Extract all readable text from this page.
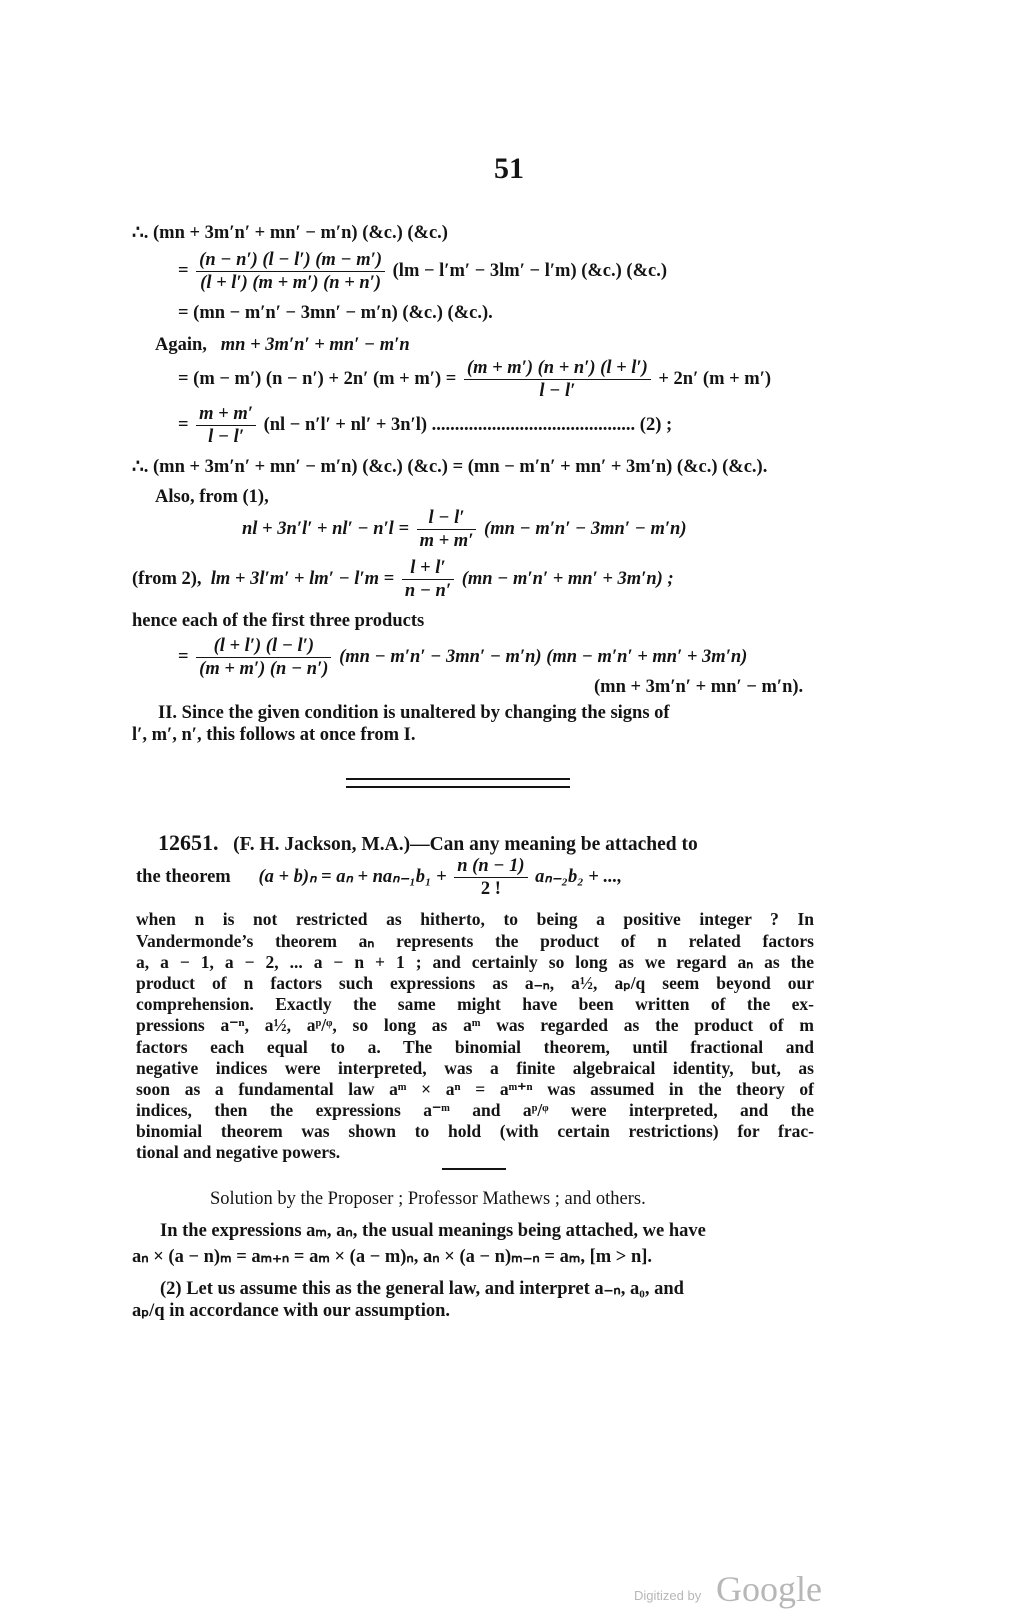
51
∴. (mn + 3m′n′ + mn′ − m′n) (&c.) (&c.)
= $\frac{(n - n') (l - l') (m - m')}{(l + l') (m + m') (n + n')} (lm - l'm' - 3lm' - l'm)$ (&c.) (&c.)
= (mn − m′n′ − 3mn′ − m′n) (&c.) (&c.).
Again, mn + 3m′n′ + mn′ − m′n
= (m − m′) (n − n′) + 2n′ $(m + m') = \frac{(m + m') (n + n') (l + l')}{l - l'} + 2n'$ (m + m′)
= $\frac{m + m'}{l - l'} (nl - n'l' + nl' + 3n'l)$ ............................................ (2) ;
∴. (mn + 3m′n′ + mn′ − m′n) (&c.) (&c.) = (mn − m′n′ + mn′ + 3m′n) (&c.) (&c.).
Also, from (1),
nl + $3n'l' + nl' - n'l = \frac{l - l'}{m + m'} (mn - m'n' - 3mn' - m'n)$
(from 2), lm + $3l'm' + lm' - l'm = \frac{l + l'}{n - n'} (mn - m'n' + mn' + 3m'n)$ ;
hence each of the first three products
= $\frac{(l + l') (l - l')}{(m + m') (n - n')} (mn - m'n' - 3mn' - m'n) (mn - m'n' + mn' + 3m'n)$
(mn + 3m′n′ + mn′ − m′n).
II. Since the given condition is unaltered by changing the signs of
l′, m′, n′, this follows at once from I.
12651. (F. H. Jackson, M.A.)—Can any meaning be attached to
the theorem $(a + b)_n = a_n + na_{n-1}b_1 + \frac{n (n - 1)}{2 !} a_{n-2}b_2$ + ...,
when n is not restricted as hitherto, to being a positive integer ? In
Vandermonde’s theorem aₙ represents the product of n related factors
a, a − 1, a − 2, ... a − n + 1 ; and certainly so long as we regard aₙ as the
product of n factors such expressions as a₋ₙ, a½, aₚ/q seem beyond our
comprehension. Exactly the same might have been written of the ex-
pressions a⁻ⁿ, a½, aᵖ/ᵠ, so long as aᵐ was regarded as the product of m
factors each equal to a. The binomial theorem, until fractional and
negative indices were interpreted, was a finite algebraical identity, but, as
soon as a fundamental law aᵐ × aⁿ = aᵐ⁺ⁿ was assumed in the theory of
indices, then the expressions a⁻ᵐ and aᵖ/ᵠ were interpreted, and the
binomial theorem was shown to hold (with certain restrictions) for frac-
tional and negative powers.
Solution by the Proposer ; Professor Mathews ; and others.
In the expressions aₘ, aₙ, the usual meanings being attached, we have
aₙ × (a − n)ₘ = aₘ₊ₙ = aₘ × (a − m)ₙ, aₙ × (a − n)ₘ₋ₙ = aₘ, [m > n].
(2) Let us assume this as the general law, and interpret a₋ₙ, a₀, and
aₚ/q in accordance with our assumption.
Digitized by Google
